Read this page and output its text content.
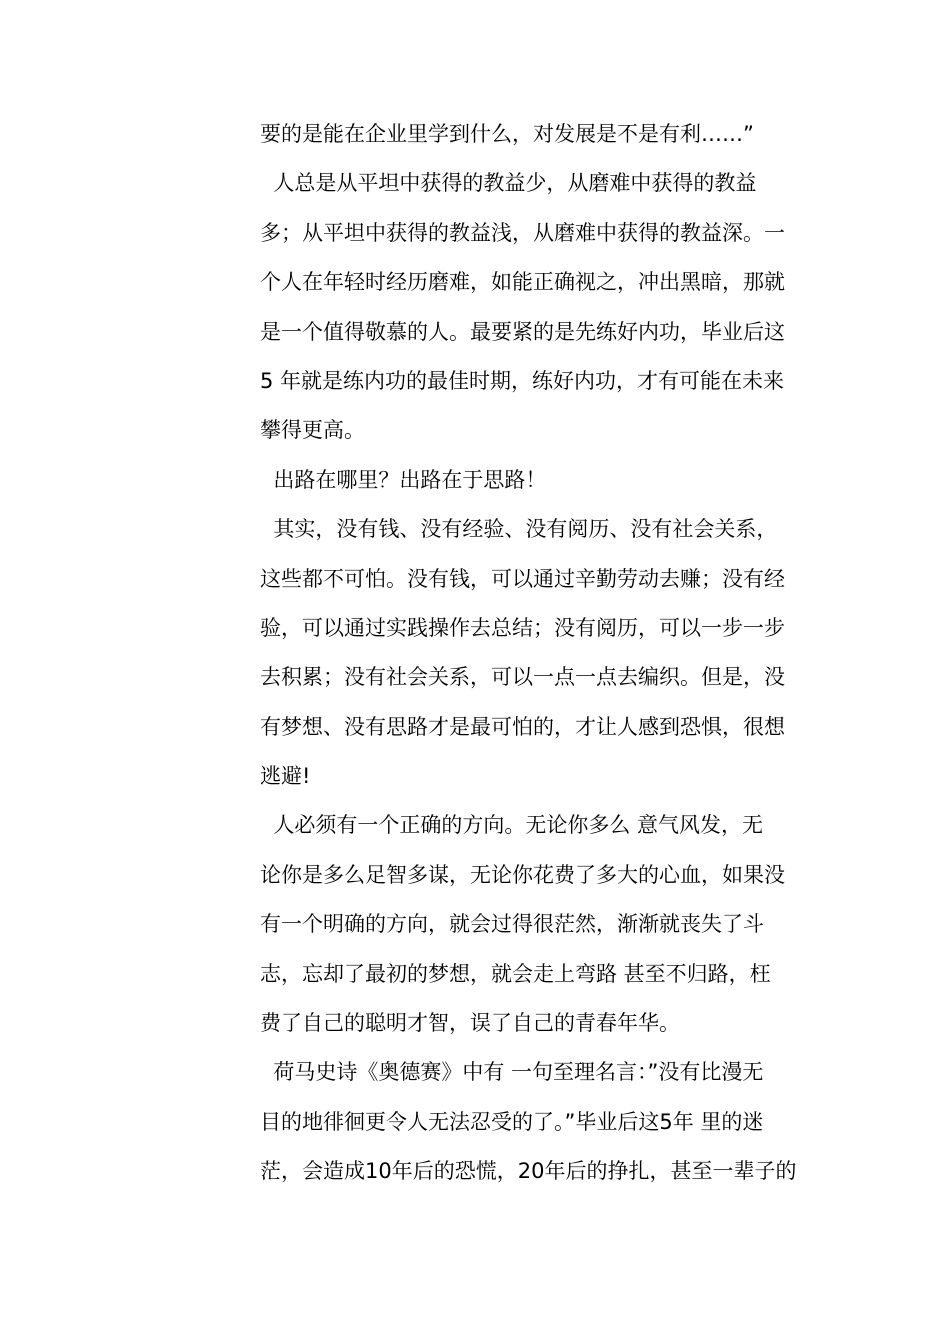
要的是能在企业里学到什么，对发展是不是有利……”
人总是从平坦中获得的教益少，从磨难中获得的教益
多；从平坦中获得的教益浅，从磨难中获得的教益深。一
个人在年轻时经历磨难，如能正确视之，冲出黑暗，那就
是一个值得敬慕的人。最要紧的是先练好内功，毕业后这
5 年就是练内功的最佳时期，练好内功，才有可能在未来
攀得更高。
出路在哪里？出路在于思路！
其实，没有钱、没有经验、没有阅历、没有社会关系，
这些都不可怕。没有钱，可以通过辛勤劳动去赚；没有经
验，可以通过实践操作去总结；没有阅历，可以一步一步
去积累；没有社会关系，可以一点一点去编织。但是，没
有梦想、没有思路才是最可怕的，才让人感到恐惧，很想
逃避!
人必须有一个正确的方向。无论你多么 意气风发，无
论你是多么足智多谋，无论你花费了多大的心血，如果没
有一个明确的方向，就会过得很茫然，渐渐就丧失了斗
志，忘却了最初的梦想，就会走上弯路 甚至不归路，枉
费了自己的聪明才智，误了自己的青春年华。
荷马史诗《奥德赛》中有 一句至理名言：”没有比漫无
目的地徘徊更令人无法忍受的了。”毕业后这5年 里的迷
茫，会造成10年后的恐慌，20年后的挣扎，甚至一辈子的
